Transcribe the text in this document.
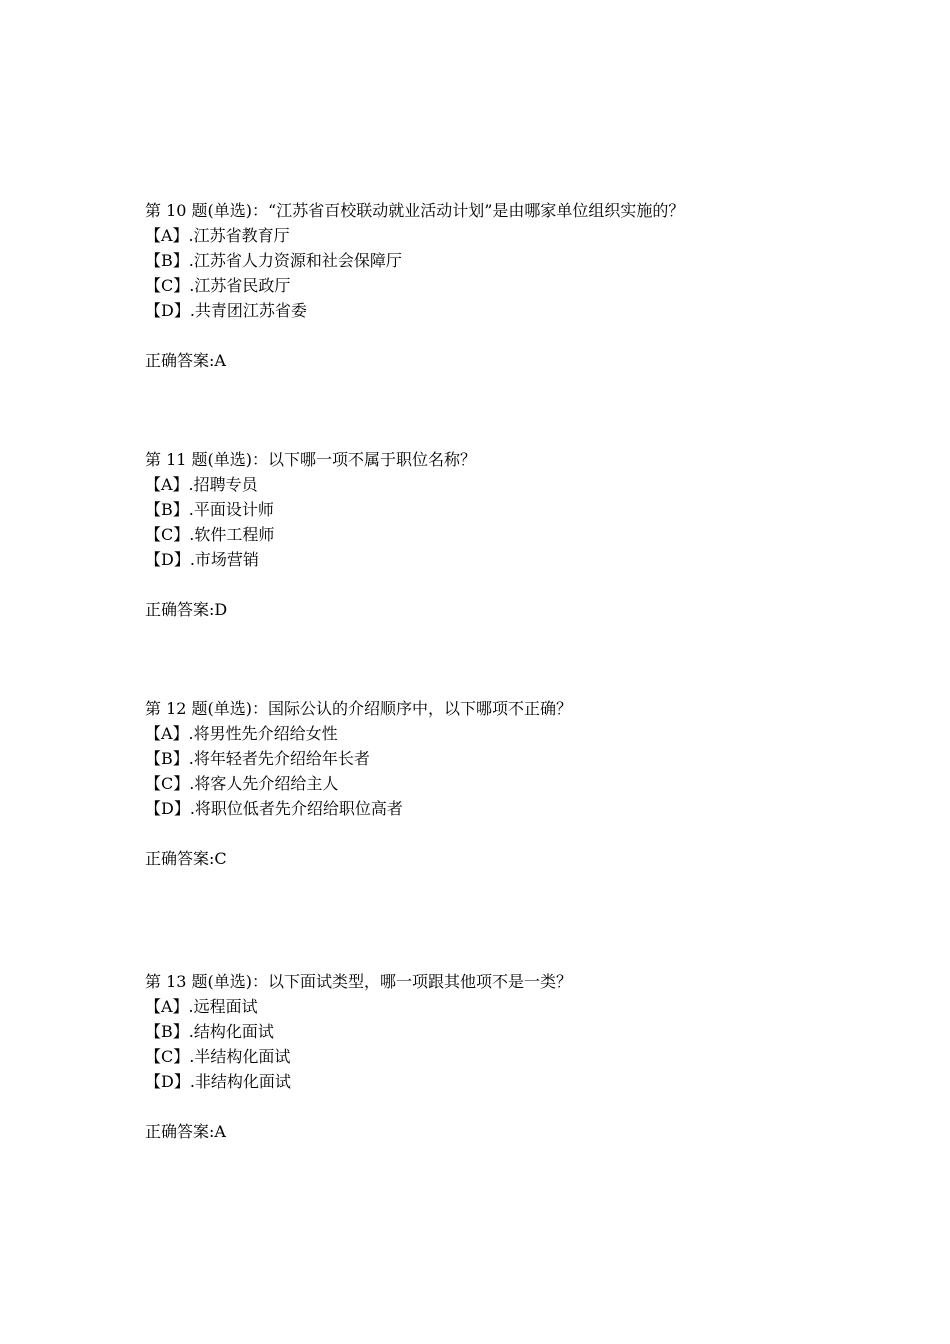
第 10 题(单选)：“江苏省百校联动就业活动计划”是由哪家单位组织实施的？
【A】.江苏省教育厅
【B】.江苏省人力资源和社会保障厅
【C】.江苏省民政厅
【D】.共青团江苏省委
正确答案:A
第 11 题(单选)：以下哪一项不属于职位名称？
【A】.招聘专员
【B】.平面设计师
【C】.软件工程师
【D】.市场营销
正确答案:D
第 12 题(单选)：国际公认的介绍顺序中，以下哪项不正确？
【A】.将男性先介绍给女性
【B】.将年轻者先介绍给年长者
【C】.将客人先介绍给主人
【D】.将职位低者先介绍给职位高者
正确答案:C
第 13 题(单选)：以下面试类型，哪一项跟其他项不是一类？
【A】.远程面试
【B】.结构化面试
【C】.半结构化面试
【D】.非结构化面试
正确答案:A
